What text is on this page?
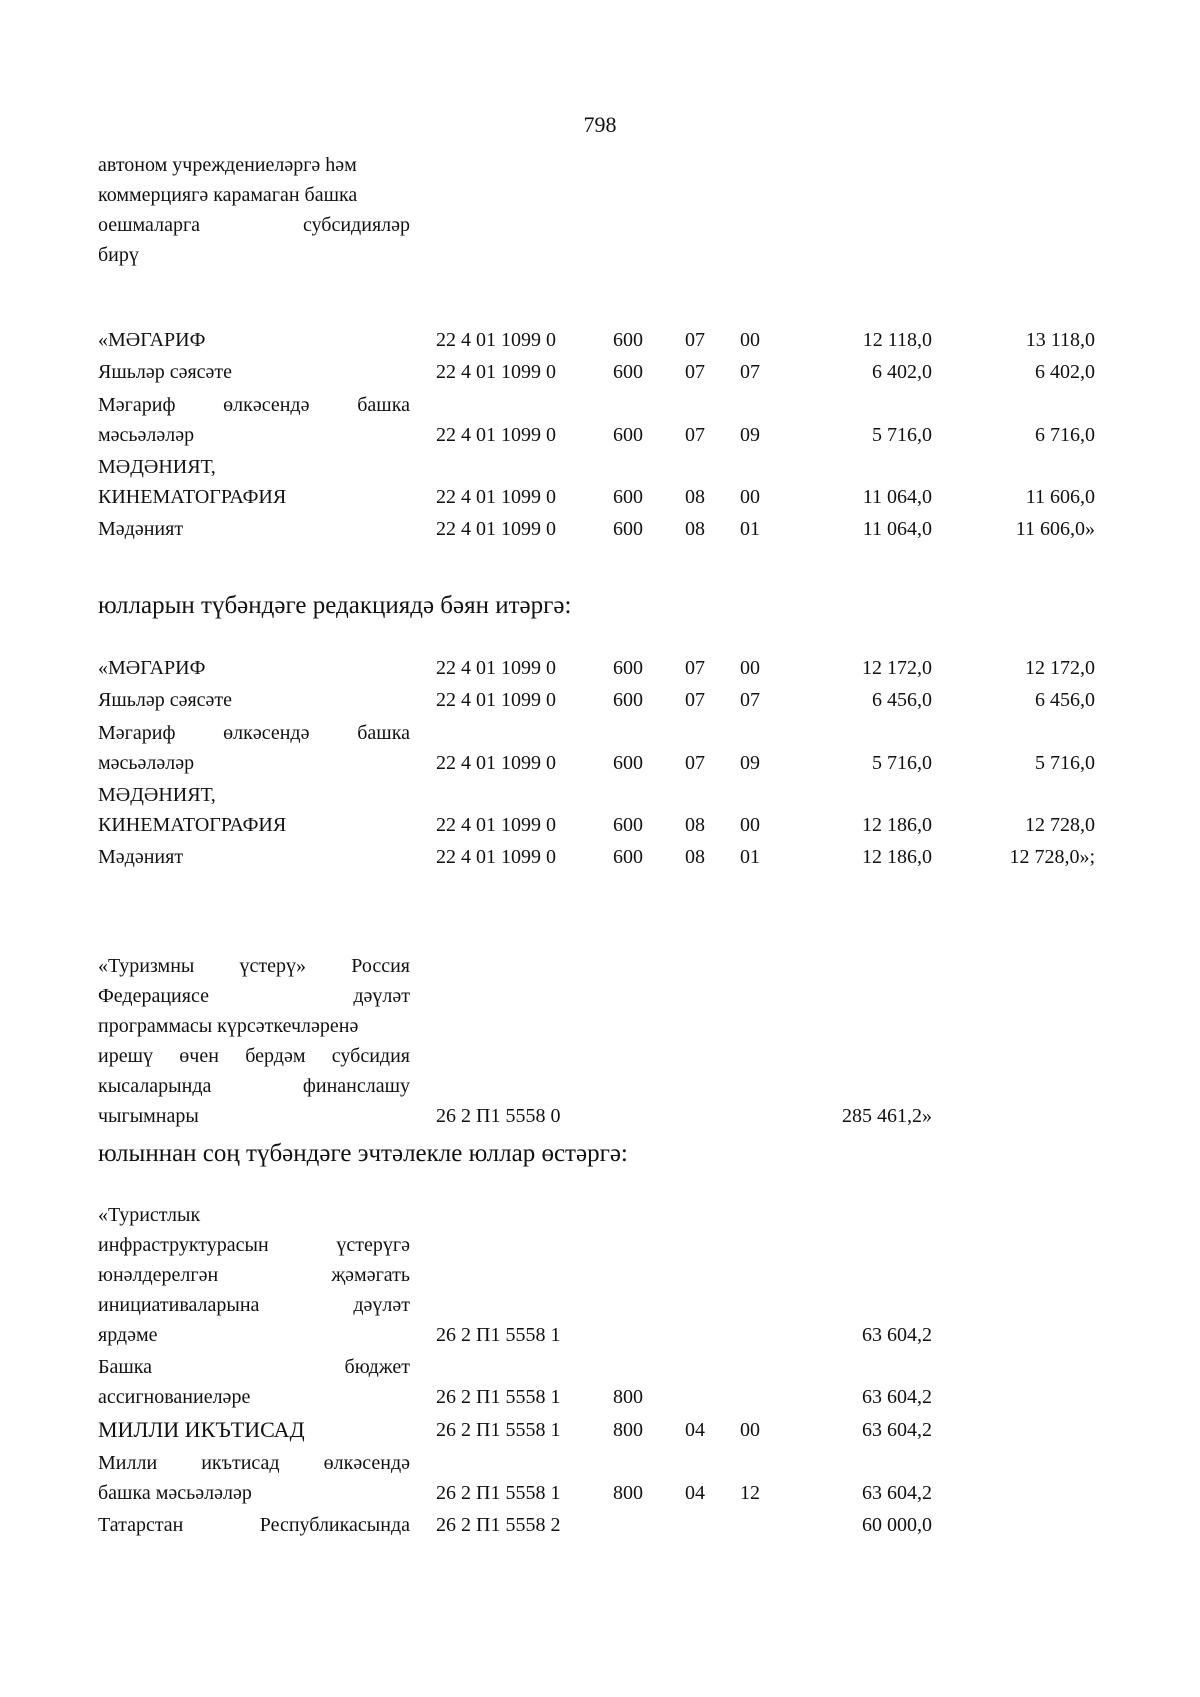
798
автоном учреждениеләргә һәм
коммерциягә карамаган башка
оешмаларга субсидияләр
бирү
«МӘГАРИФ	22 4 01 1099 0	600 07 00	12 118,0	13 118,0
Яшьләр сәясәте	22 4 01 1099 0	600 07 07	6 402,0	6 402,0
Мәгариф өлкәсендә башка
мәсьәләләр	22 4 01 1099 0	600 07 09	5 716,0	6 716,0
МӘДӘНИЯТ,
КИНЕМАТОГРАФИЯ	22 4 01 1099 0	600 08 00	11 064,0	11 606,0
Мәдәният	22 4 01 1099 0	600 08 01	11 064,0	11 606,0»
юлларын түбәндәге редакциядә бәян итәргә:
«МӘГАРИФ	22 4 01 1099 0	600 07 00	12 172,0	12 172,0
Яшьләр сәясәте	22 4 01 1099 0	600 07 07	6 456,0	6 456,0
Мәгариф өлкәсендә башка
мәсьәләләр	22 4 01 1099 0	600 07 09	5 716,0	5 716,0
МӘДӘНИЯТ,
КИНЕМАТОГРАФИЯ	22 4 01 1099 0	600 08 00	12 186,0	12 728,0
Мәдәният	22 4 01 1099 0	600 08 01	12 186,0	12 728,0»;
«Туризмны үстерү» Россия
Федерациясе дәүләт
программасы күрсәткечләренә
ирешү өчен бердәм субсидия
кысаларында финанслашу
чыгымнары	26 2 П1 5558 0	285 461,2»
юлыннан соң түбәндәге эчтәлекле юллар өстәргә:
«Туристлык
инфраструктурасын үстерүгә
юнәлдерелгән җәмәгать
инициативаларына дәүләт
ярдәме	26 2 П1 5558 1	63 604,2
Башка бюджет
ассигнованиеләре	26 2 П1 5558 1	800	63 604,2
МИЛЛИ ИКЪТИСАД	26 2 П1 5558 1	800 04 00	63 604,2
Милли икътисад өлкәсендә
башка мәсьәләләр	26 2 П1 5558 1	800 04 12	63 604,2
Татарстан Республикасында 26 2 П1 5558 2	60 000,0
